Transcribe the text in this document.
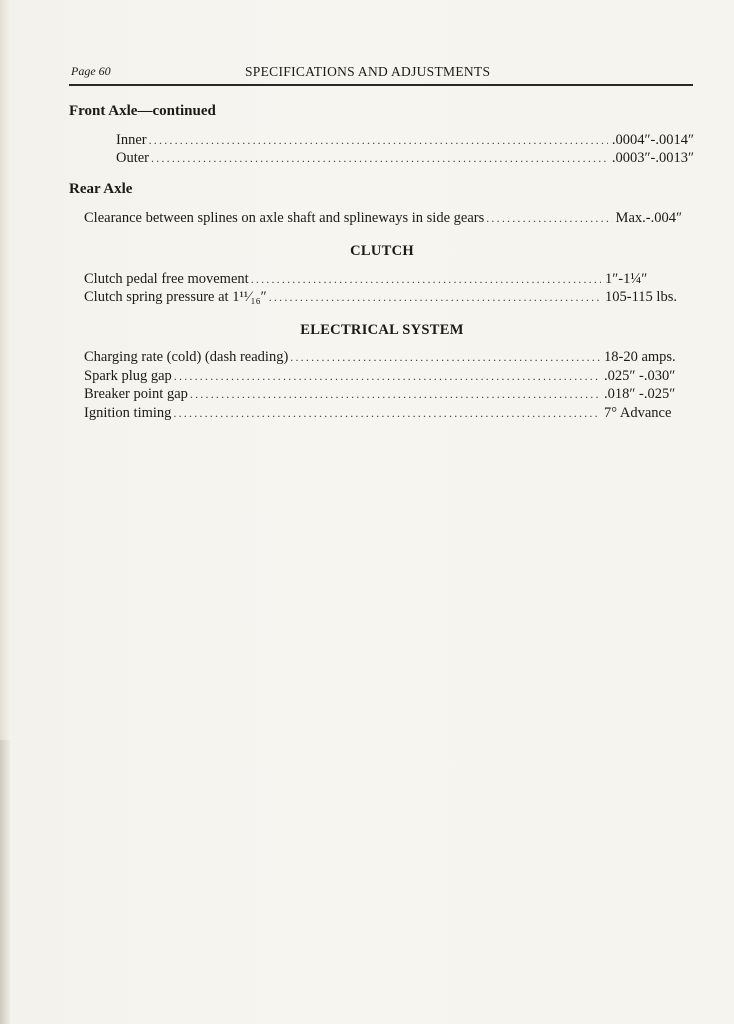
Page 60	SPECIFICATIONS AND ADJUSTMENTS
Front Axle—continued
Inner .....	.0004″-.0014″
Outer .....	.0003″-.0013″
Rear Axle
Clearance between splines on axle shaft and splineways in side gears .....	Max.-.004″
CLUTCH
Clutch pedal free movement .....	1″-1¼″
Clutch spring pressure at 1¹¹⁄₁₆″ .....	105-115 lbs.
ELECTRICAL SYSTEM
Charging rate (cold) (dash reading) .....	18-20 amps.
Spark plug gap .....	.025″ -.030″
Breaker point gap .....	.018″ -.025″
Ignition timing .....	7° Advance
